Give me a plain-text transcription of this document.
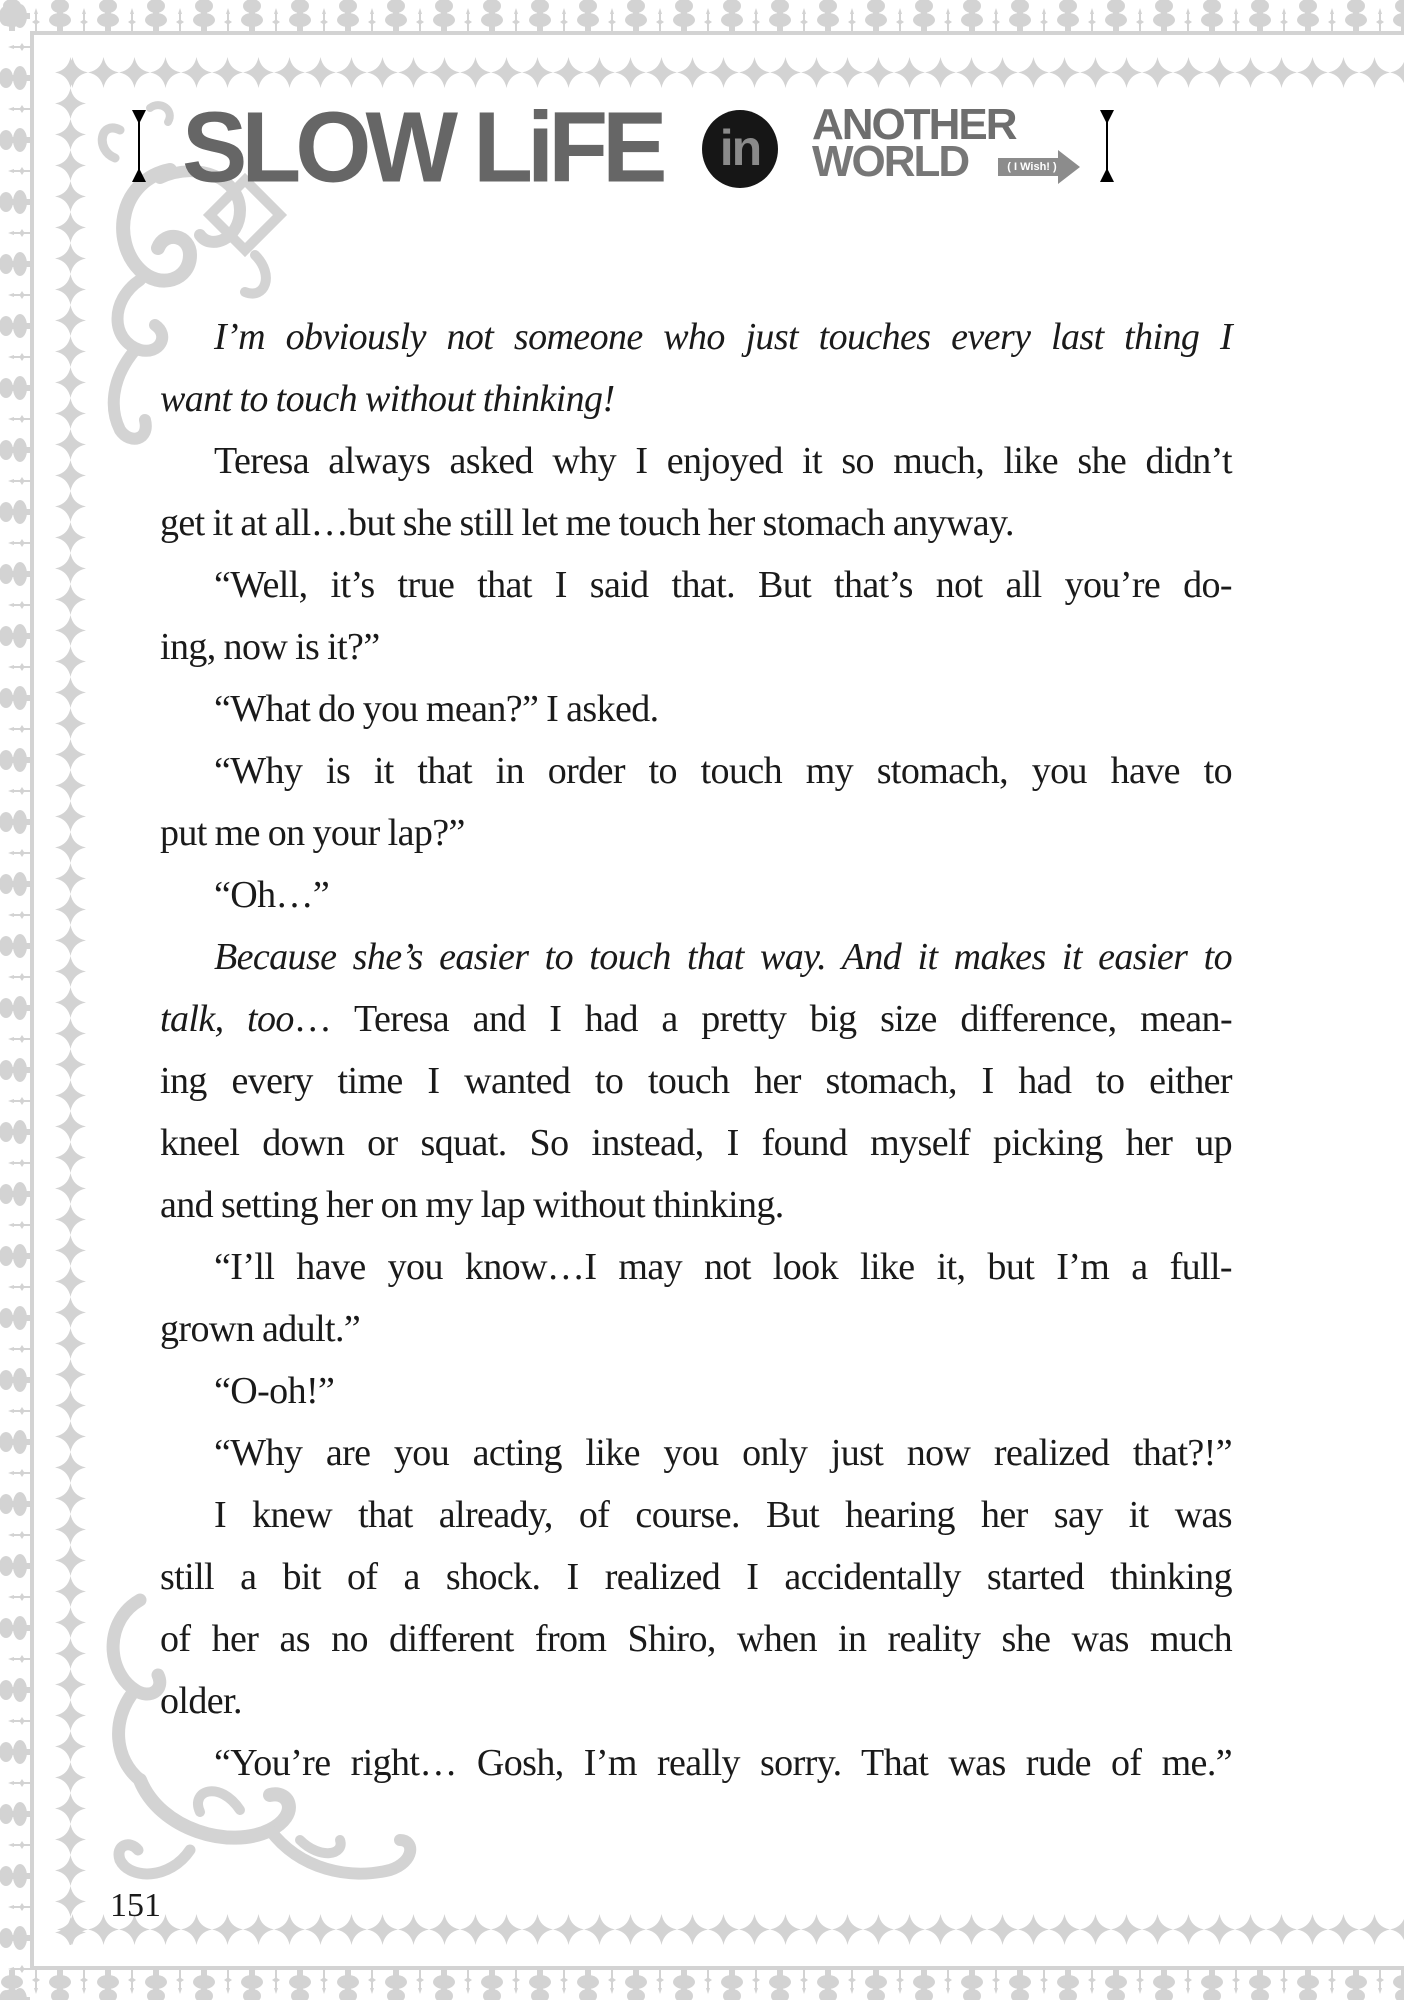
SLOW LiFE	in	ANOTHER
WORLD	( I Wish! )
I’m obviously not someone who just touches every last thing I
want to touch without thinking!
Teresa always asked why I enjoyed it so much, like she didn’t
get it at all…but she still let me touch her stomach anyway.
“Well, it’s true that I said that. But that’s not all you’re do-
ing, now is it?”
“What do you mean?” I asked.
“Why is it that in order to touch my stomach, you have to
put me on your lap?”
“Oh…”
Because she’s easier to touch that way. And it makes it easier to
talk, too… Teresa and I had a pretty big size difference, mean-
ing every time I wanted to touch her stomach, I had to either
kneel down or squat. So instead, I found myself picking her up
and setting her on my lap without thinking.
“I’ll have you know…I may not look like it, but I’m a full-
grown adult.”
“O-oh!”
“Why are you acting like you only just now realized that?!”
I knew that already, of course. But hearing her say it was
still a bit of a shock. I realized I accidentally started thinking
of her as no different from Shiro, when in reality she was much
older.
“You’re right… Gosh, I’m really sorry. That was rude of me.”
151
